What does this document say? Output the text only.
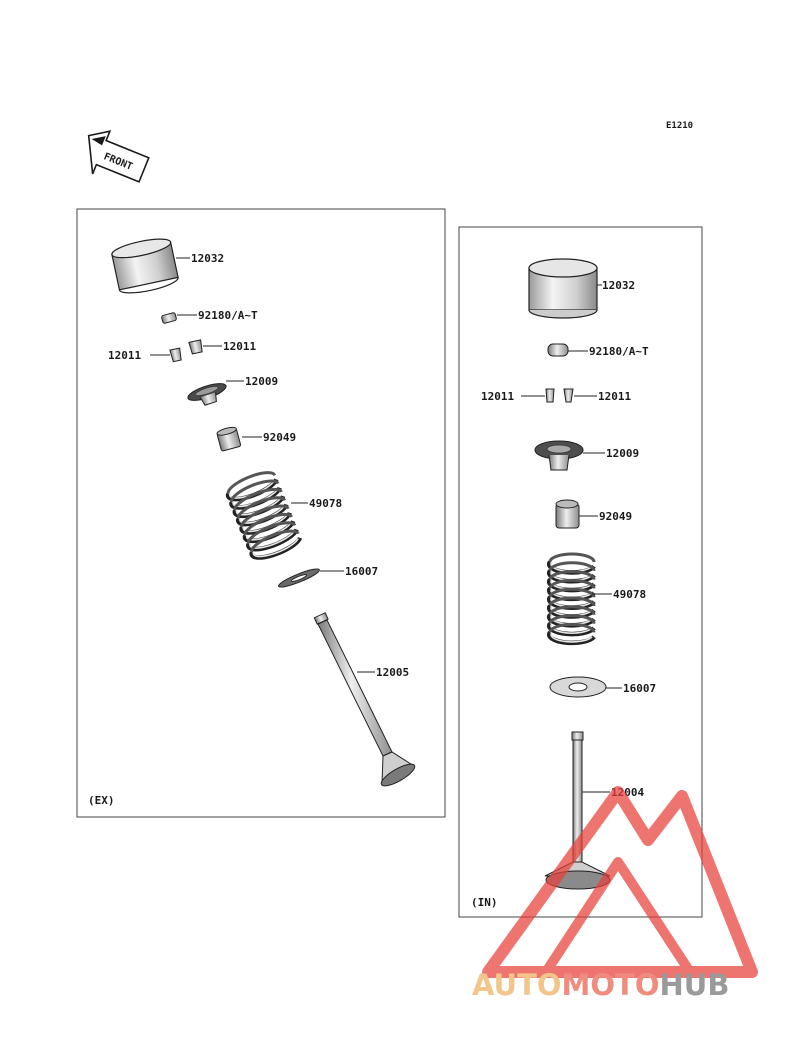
E1210
FRONT
(EX)
12032
92180/A~T
12011
12011
12009
92049
49078
16007
12005
(IN)
12032
92180/A~T
12011	12011
12009
92049
49078
16007
12004
AUTOMOTOHUB
